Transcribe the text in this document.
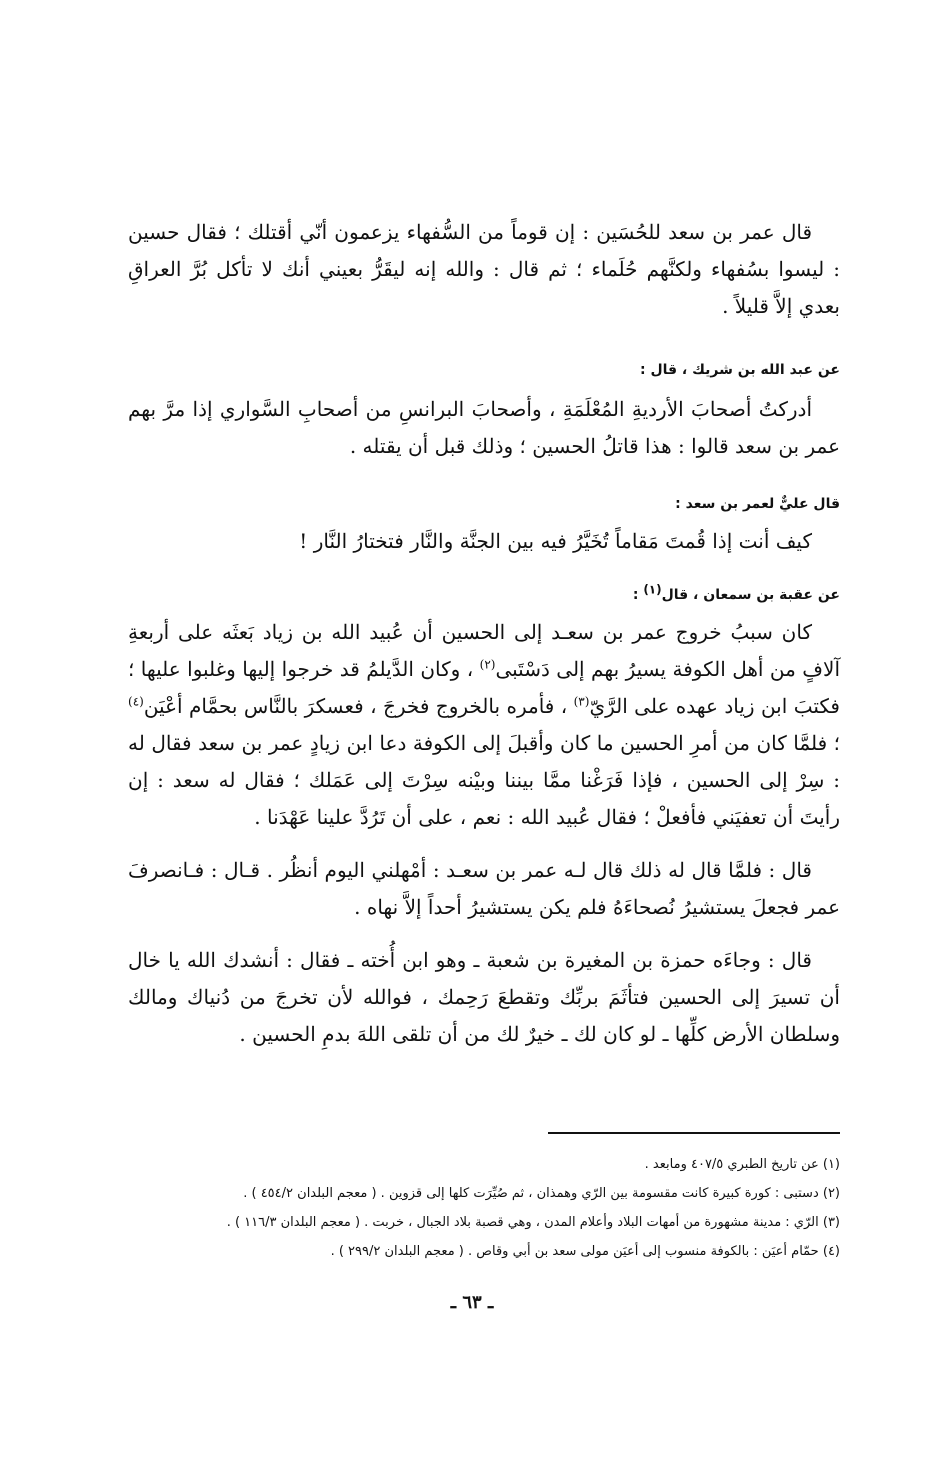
قال عمر بن سعد للحُسَين : إن قوماً من السُّفهاء يزعمون أنّي أقتلك ؛ فقال حسين : ليسوا بسُفهاء ولكنَّهم حُلَماء ؛ ثم قال : والله إنه ليقَرُّ بعيني أنك لا تأكل بُرَّ العراقِ بعدي إلاَّ قليلاً .

عن عبد الله بن شريك ، قال :

أدركتُ أصحابَ الأرديةِ المُعْلَمَةِ ، وأصحابَ البرانسِ من أصحابِ السَّواري إذا مرَّ بهم عمر بن سعد قالوا : هذا قاتلُ الحسين ؛ وذلك قبل أن يقتله .

قال عليٌّ لعمر بن سعد :

كيف أنت إذا قُمتَ مَقاماً تُخَيَّرُ فيه بين الجنَّة والنَّار فتختارُ النَّار !

عن عقبة بن سمعان ، قال$^{(١)}$ :

كان سببُ خروج عمر بن سعـد إلى الحسين أن عُبيد الله بن زياد بَعثَه على أربعةِ آلافٍ من أهل الكوفة يسيرُ بهم إلى دَسْتَبى$^{(٢)}$ ، وكان الدَّيلمُ قد خرجوا إليها وغلبوا عليها ؛ فكتبَ ابن زياد عهده على الرَّيّ$^{(٣)}$ ، فأمره بالخروج فخرجَ ، فعسكرَ بالنَّاس بحمَّام أعْيَن$^{(٤)}$ ؛ فلمَّا كان من أمرِ الحسين ما كان وأقبلَ إلى الكوفة دعا ابن زيادٍ عمر بن سعد فقال له : سِرْ إلى الحسين ، فإذا فَرَغْنا ممَّا بيننا وبيْنه سِرْتَ إلى عَمَلك ؛ فقال له سعد : إن رأيتَ أن تعفيَني فأفعلْ ؛ فقال عُبيد الله : نعم ، على أن تَرُدَّ علينا عَهْدَنا .

قال : فلمَّا قال له ذلك قال لـه عمر بن سعـد : أمْهلني اليوم أنظُر . قـال : فـانصرفَ عمر فجعلَ يستشيرُ نُصحاءَهُ فلم يكن يستشيرُ أحداً إلاَّ نهاه .

قال : وجاءَه حمزة بن المغيرة بن شعبة ـ وهو ابن أُخته ـ فقال : أنشدك الله يا خال أن تسيرَ إلى الحسين فتأثَمَ بربِّك وتقطعَ رَحِمك ، فوالله لأن تخرجَ من دُنياك ومالك وسلطان الأرض كلِّها ـ لو كان لك ـ خيرٌ لك من أن تلقى اللهَ بدمِ الحسين .

(١) عن تاريخ الطبري ٤٠٧/٥ ومابعد .

(٢) دستبى : كورة كبيرة كانت مقسومة بين الرّي وهمذان ، ثم صُيِّرَت كلها إلى قزوين . ( معجم البلدان ٤٥٤/٢ ) .

(٣) الرّي : مدينة مشهورة من أمهات البلاد وأعلام المدن ، وهي قصبة بلاد الجبال ، خربت . ( معجم البلدان ١١٦/٣ ) .

(٤) حمّام أعيَن : بالكوفة منسوب إلى أعيَن مولى سعد بن أبي وقاص . ( معجم البلدان ٢٩٩/٢ ) .

ـ ٦٣ ـ
